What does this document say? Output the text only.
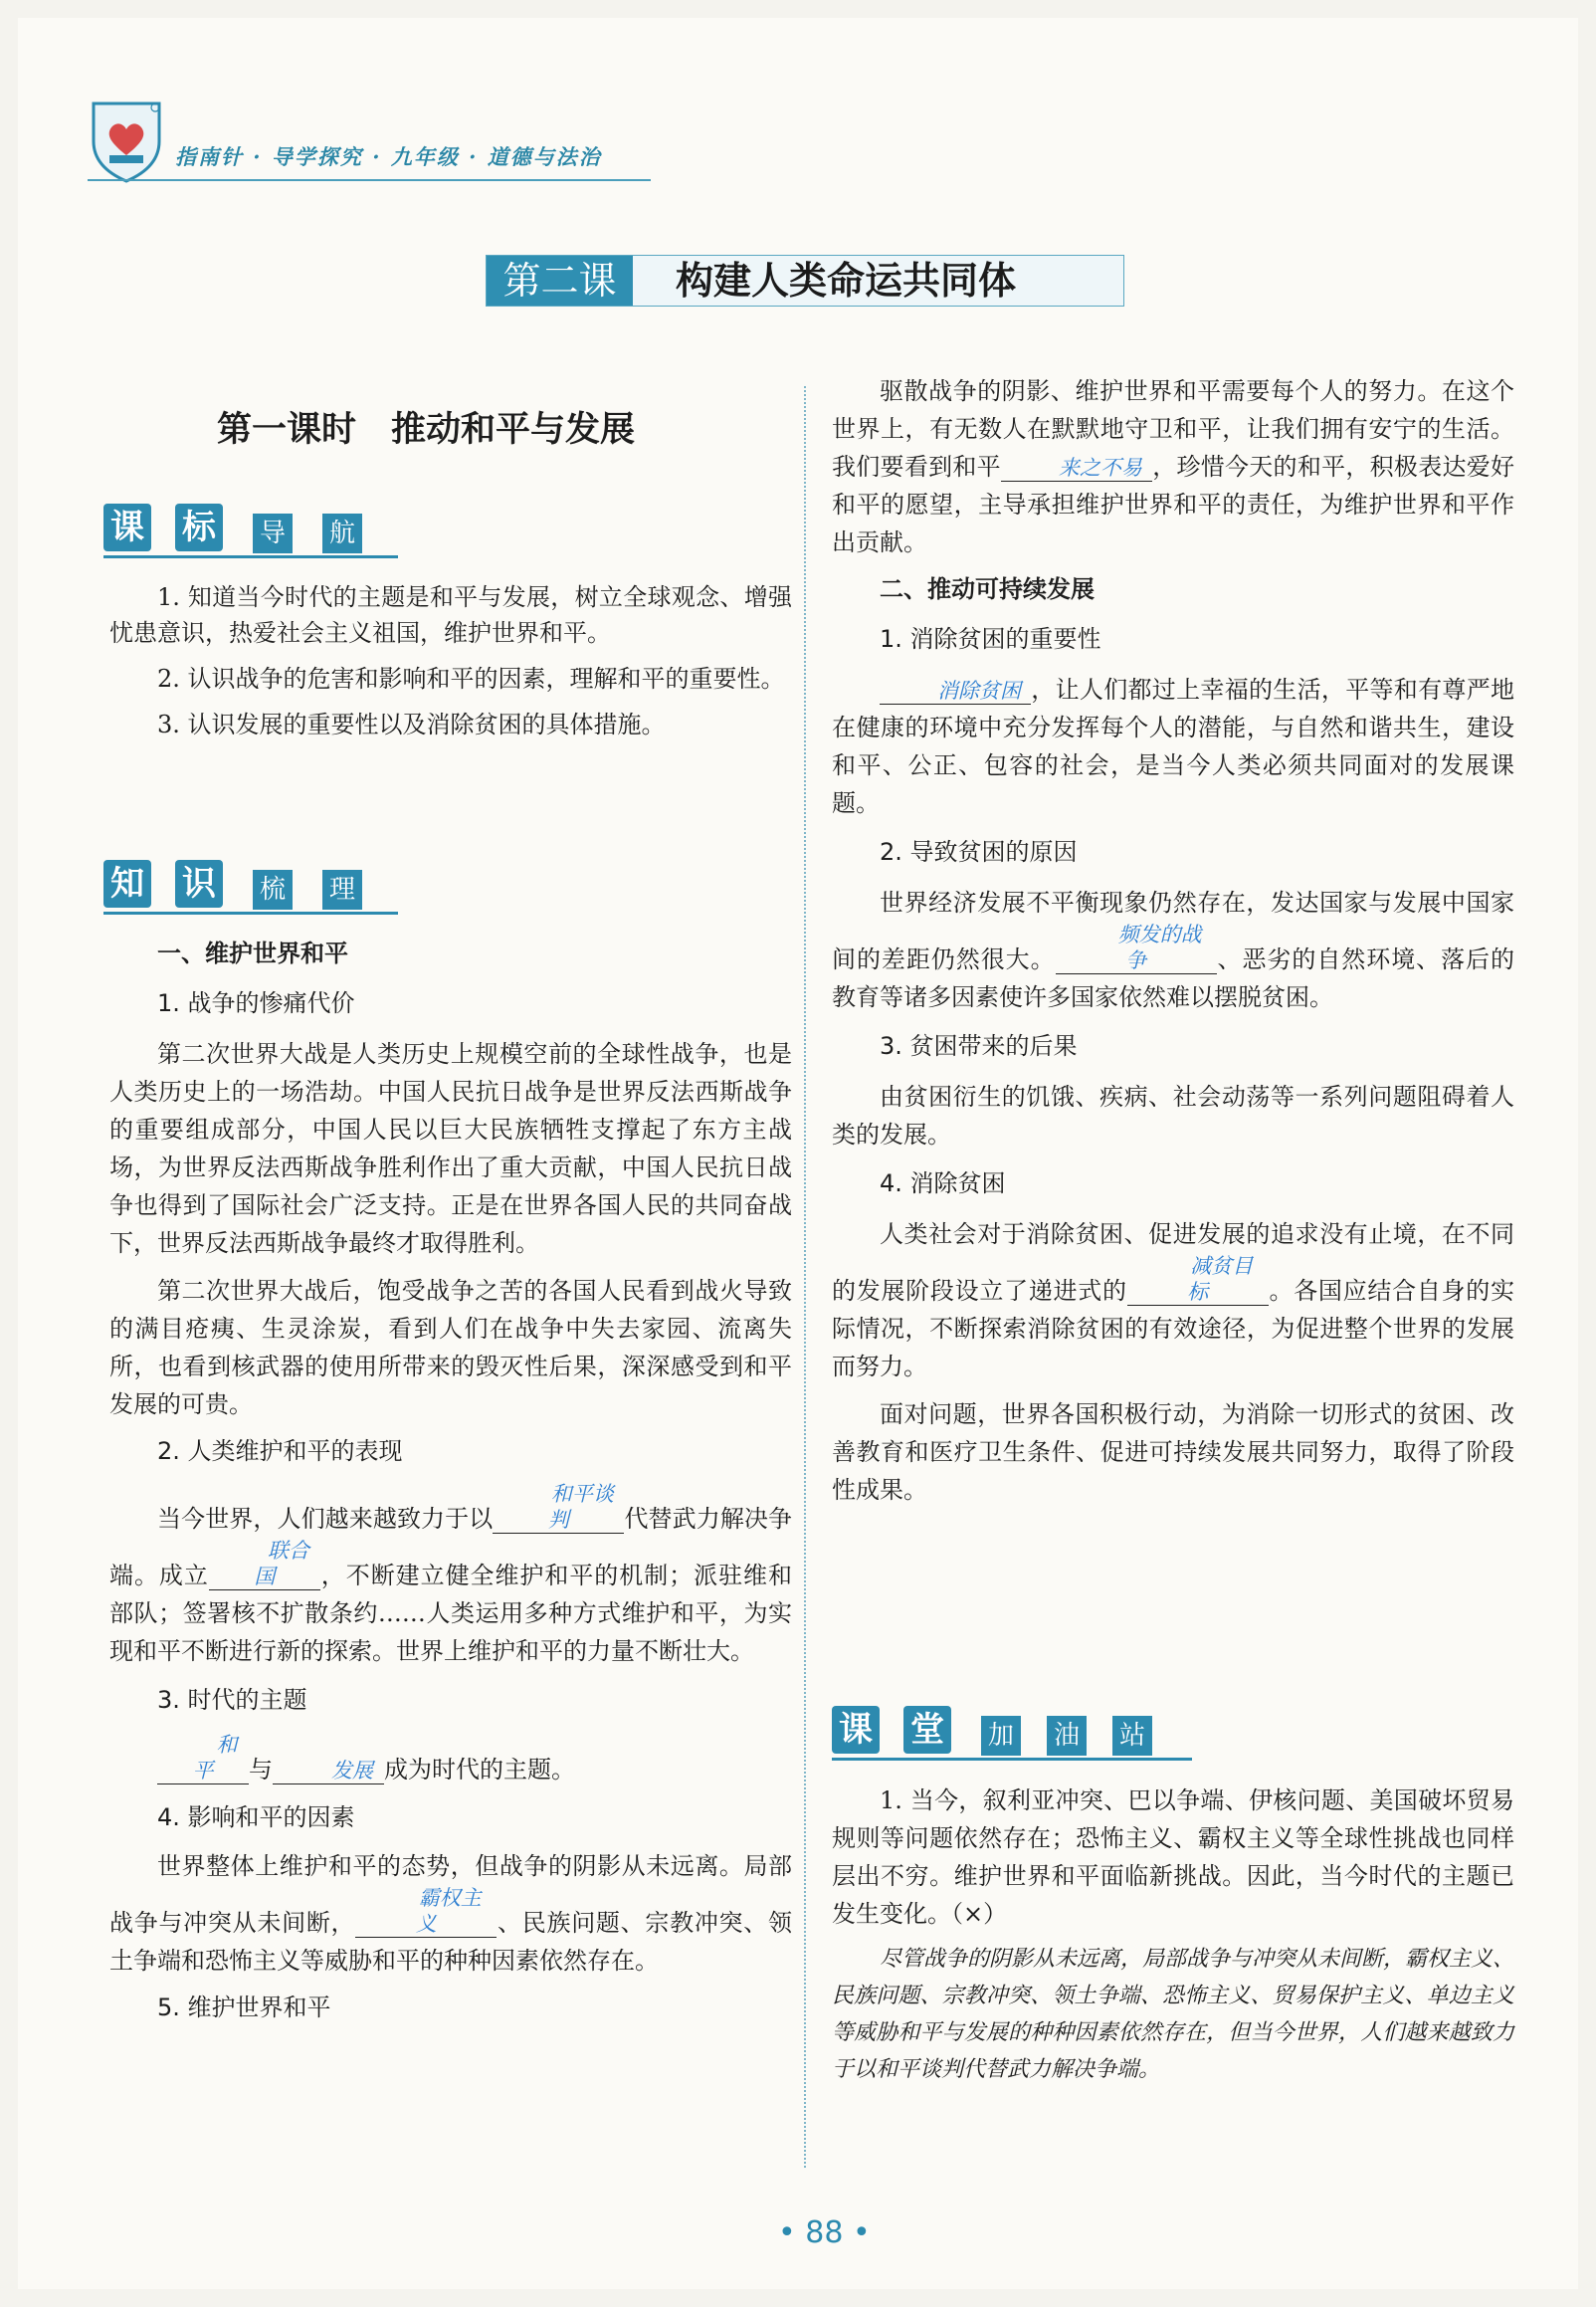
指南针 · 导学探究 · 九年级 · 道德与法治
第二课	构建人类命运共同体
第一课时　推动和平与发展
课 标 导 航

1. 知道当今时代的主题是和平与发展，树立全球观念、增强忧患意识，热爱社会主义祖国，维护世界和平。

2. 认识战争的危害和影响和平的因素，理解和平的重要性。

3. 认识发展的重要性以及消除贫困的具体措施。

知 识 梳 理

一、维护世界和平

1. 战争的惨痛代价

第二次世界大战是人类历史上规模空前的全球性战争，也是人类历史上的一场浩劫。中国人民抗日战争是世界反法西斯战争的重要组成部分，中国人民以巨大民族牺牲支撑起了东方主战场，为世界反法西斯战争胜利作出了重大贡献，中国人民抗日战争也得到了国际社会广泛支持。正是在世界各国人民的共同奋战下，世界反法西斯战争最终才取得胜利。

第二次世界大战后，饱受战争之苦的各国人民看到战火导致的满目疮痍、生灵涂炭，看到人们在战争中失去家园、流离失所，也看到核武器的使用所带来的毁灭性后果，深深感受到和平发展的可贵。

2. 人类维护和平的表现

当今世界，人们越来越致力于以和平谈判 代替武力解决争端。成立联合国 ，不断建立健全维护和平的机制；派驻维和部队；签署核不扩散条约……人类运用多种方式维护和平，为实现和平不断进行新的探索。世界上维护和平的力量不断壮大。

3. 时代的主题

和平 与	发展 成为时代的主题。

4. 影响和平的因素

世界整体上维护和平的态势，但战争的阴影从未远离。局部战争与冲突从未间断，霸权主义	、民族问题、宗教冲突、领土争端和恐怖主义等威胁和平的种种因素依然存在。

5. 维护世界和平

驱散战争的阴影、维护世界和平需要每个人的努力。在这个世界上，有无数人在默默地守卫和平，让我们拥有安宁的生活。我们要看到和平	来之不易 ，珍惜今天的和平，积极表达爱好和平的愿望，主导承担维护世界和平的责任，为维护世界和平作出贡献。

二、推动可持续发展

1. 消除贫困的重要性

消除贫困 ，让人们都过上幸福的生活，平等和有尊严地在健康的环境中充分发挥每个人的潜能，与自然和谐共生，建设和平、公正、包容的社会，是当今人类必须共同面对的发展课题。

2. 导致贫困的原因

世界经济发展不平衡现象仍然存在，发达国家与发展中国家间的差距仍然很大。频发的战争	、恶劣的自然环境、落后的教育等诸多因素使许多国家依然难以摆脱贫困。

3. 贫困带来的后果

由贫困衍生的饥饿、疾病、社会动荡等一系列问题阻碍着人类的发展。

4. 消除贫困

人类社会对于消除贫困、促进发展的追求没有止境，在不同的发展阶段设立了递进式的减贫目标	。各国应结合自身的实际情况，不断探索消除贫困的有效途径，为促进整个世界的发展而努力。

面对问题，世界各国积极行动，为消除一切形式的贫困、改善教育和医疗卫生条件、促进可持续发展共同努力，取得了阶段性成果。

课 堂 加 油 站

1. 当今，叙利亚冲突、巴以争端、伊核问题、美国破坏贸易规则等问题依然存在；恐怖主义、霸权主义等全球性挑战也同样层出不穷。维护世界和平面临新挑战。因此，当今时代的主题已发生变化。（×）

尽管战争的阴影从未远离，局部战争与冲突从未间断，霸权主义、民族问题、宗教冲突、领土争端、恐怖主义、贸易保护主义、单边主义等威胁和平与发展的种种因素依然存在，但当今世界，人们越来越致力于以和平谈判代替武力解决争端。

• 88 •
